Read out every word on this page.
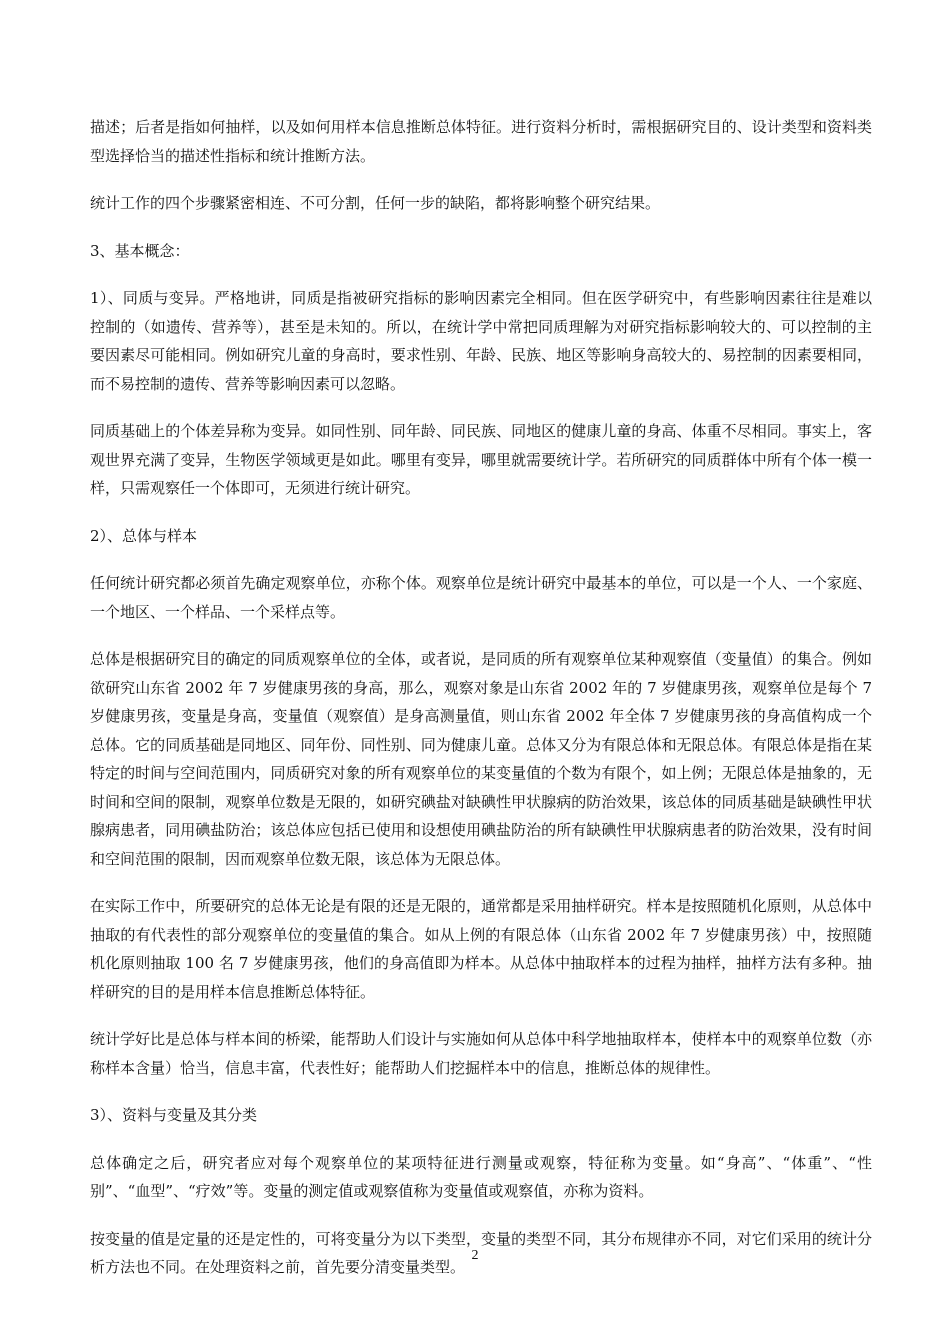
描述；后者是指如何抽样，以及如何用样本信息推断总体特征。进行资料分析时，需根据研究目的、设计类型和资料类型选择恰当的描述性指标和统计推断方法。

统计工作的四个步骤紧密相连、不可分割，任何一步的缺陷，都将影响整个研究结果。

3、基本概念：

1）、同质与变异。严格地讲，同质是指被研究指标的影响因素完全相同。但在医学研究中，有些影响因素往往是难以控制的（如遗传、营养等），甚至是未知的。所以，在统计学中常把同质理解为对研究指标影响较大的、可以控制的主要因素尽可能相同。例如研究儿童的身高时，要求性别、年龄、民族、地区等影响身高较大的、易控制的因素要相同，而不易控制的遗传、营养等影响因素可以忽略。

同质基础上的个体差异称为变异。如同性别、同年龄、同民族、同地区的健康儿童的身高、体重不尽相同。事实上，客观世界充满了变异，生物医学领域更是如此。哪里有变异，哪里就需要统计学。若所研究的同质群体中所有个体一模一样，只需观察任一个体即可，无须进行统计研究。

2）、总体与样本

任何统计研究都必须首先确定观察单位，亦称个体。观察单位是统计研究中最基本的单位，可以是一个人、一个家庭、一个地区、一个样品、一个采样点等。

总体是根据研究目的确定的同质观察单位的全体，或者说，是同质的所有观察单位某种观察值（变量值）的集合。例如欲研究山东省 2002 年 7 岁健康男孩的身高，那么，观察对象是山东省 2002 年的 7 岁健康男孩，观察单位是每个 7 岁健康男孩，变量是身高，变量值（观察值）是身高测量值，则山东省 2002 年全体 7 岁健康男孩的身高值构成一个总体。它的同质基础是同地区、同年份、同性别、同为健康儿童。总体又分为有限总体和无限总体。有限总体是指在某特定的时间与空间范围内，同质研究对象的所有观察单位的某变量值的个数为有限个，如上例；无限总体是抽象的，无时间和空间的限制，观察单位数是无限的，如研究碘盐对缺碘性甲状腺病的防治效果，该总体的同质基础是缺碘性甲状腺病患者，同用碘盐防治；该总体应包括已使用和设想使用碘盐防治的所有缺碘性甲状腺病患者的防治效果，没有时间和空间范围的限制，因而观察单位数无限，该总体为无限总体。

在实际工作中，所要研究的总体无论是有限的还是无限的，通常都是采用抽样研究。样本是按照随机化原则，从总体中抽取的有代表性的部分观察单位的变量值的集合。如从上例的有限总体（山东省 2002 年 7 岁健康男孩）中，按照随机化原则抽取 100 名 7 岁健康男孩，他们的身高值即为样本。从总体中抽取样本的过程为抽样，抽样方法有多种。抽样研究的目的是用样本信息推断总体特征。

统计学好比是总体与样本间的桥梁，能帮助人们设计与实施如何从总体中科学地抽取样本，使样本中的观察单位数（亦称样本含量）恰当，信息丰富，代表性好；能帮助人们挖掘样本中的信息，推断总体的规律性。

3）、资料与变量及其分类

总体确定之后，研究者应对每个观察单位的某项特征进行测量或观察，特征称为变量。如“身高”、“体重”、“性别”、“血型”、“疗效”等。变量的测定值或观察值称为变量值或观察值，亦称为资料。

按变量的值是定量的还是定性的，可将变量分为以下类型，变量的类型不同，其分布规律亦不同，对它们采用的统计分析方法也不同。在处理资料之前，首先要分清变量类型。

2
